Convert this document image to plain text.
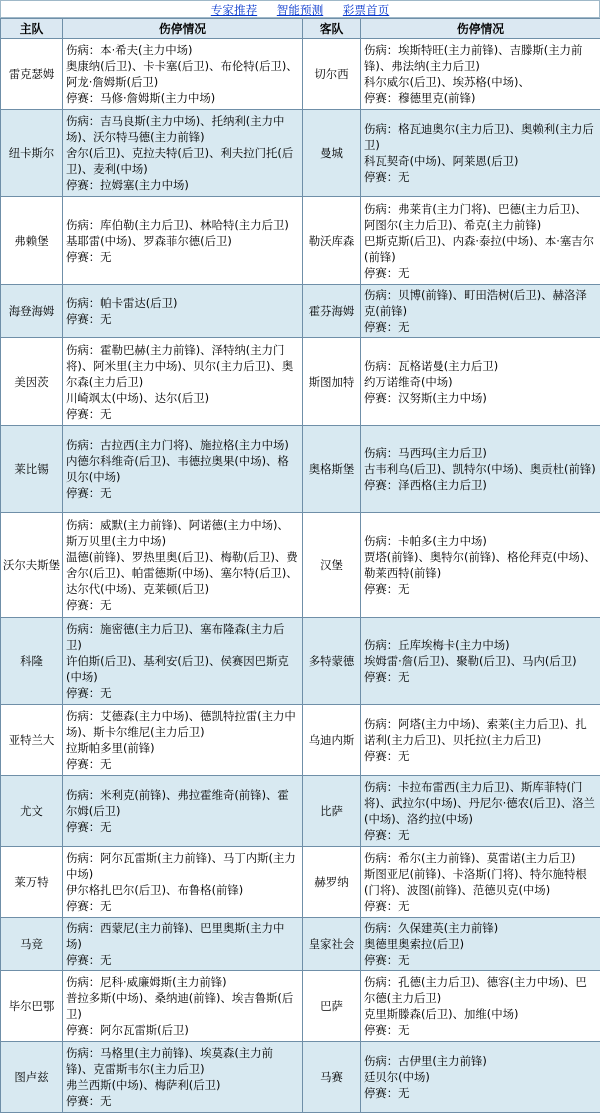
专家推荐 智能预测 彩票首页
主队	伤停情况	客队	伤停情况
雷克瑟姆	伤病：本·希夫(主力中场)
奥康纳(后卫)、卡卡塞(后卫)、布伦特(后卫)、阿龙·詹姆斯(后卫)
停赛：马修·詹姆斯(主力中场)	切尔西	伤病：埃斯特旺(主力前锋)、吉滕斯(主力前锋)、弗法纳(主力后卫)
科尔威尔(后卫)、埃苏格(中场)、
停赛：穆德里克(前锋)

纽卡斯尔	伤病：吉马良斯(主力中场)、托纳利(主力中场)、沃尔特马德(主力前锋)
舍尔(后卫)、克拉夫特(后卫)、利夫拉门托(后卫)、麦利(中场)
停赛：拉姆塞(主力中场)	曼城	伤病：格瓦迪奥尔(主力后卫)、奥赖利(主力后卫)
科瓦契奇(中场)、阿莱恩(后卫)
停赛：无

弗赖堡	伤病：库伯勒(主力后卫)、林哈特(主力后卫)
基耶雷(中场)、罗森菲尔德(后卫)
停赛：无	勒沃库森	伤病：弗莱肯(主力门将)、巴德(主力后卫)、阿图尔(主力后卫)、希克(主力前锋)
巴斯克斯(后卫)、内森·泰拉(中场)、本·塞吉尔(前锋)
停赛：无

海登海姆	伤病：帕卡雷达(后卫)
停赛：无	霍芬海姆	伤病：贝博(前锋)、町田浩树(后卫)、赫洛泽克(前锋)
停赛：无

美因茨	伤病：霍勒巴赫(主力前锋)、泽特纳(主力门将)、阿米里(主力中场)、贝尔(主力后卫)、奥尔森(主力后卫)
川崎飒太(中场)、达尔(后卫)
停赛：无	斯图加特	伤病：瓦格诺曼(主力后卫)
约万诺维奇(中场)
停赛：汉努斯(主力中场)

莱比锡	伤病：古拉西(主力门将)、施拉格(主力中场)
内德尔科维奇(后卫)、韦德拉奥果(中场)、格贝尔(中场)
停赛：无	奥格斯堡	伤病：马西玛(主力后卫)
古韦利乌(后卫)、凯特尔(中场)、奥贡杜(前锋)
停赛：泽西格(主力后卫)

沃尔夫斯堡	伤病：威默(主力前锋)、阿诺德(主力中场)、斯万贝里(主力中场)
温德(前锋)、罗热里奥(后卫)、梅勒(后卫)、费舍尔(后卫)、帕雷德斯(中场)、塞尔特(后卫)、达尔代(中场)、克莱顿(后卫)
停赛：无	汉堡	伤病：卡帕多(主力中场)
贾塔(前锋)、奥特尔(前锋)、格伦拜克(中场)、勒莱西特(前锋)
停赛：无

科隆	伤病：施密德(主力后卫)、塞布隆森(主力后卫)
许伯斯(后卫)、基利安(后卫)、侯赛因巴斯克(中场)
停赛：无	多特蒙德	伤病：丘库埃梅卡(主力中场)
埃姆雷·詹(后卫)、聚勒(后卫)、马内(后卫)
停赛：无

亚特兰大	伤病：艾德森(主力中场)、德凯特拉雷(主力中场)、斯卡尔维尼(主力后卫)
拉斯帕多里(前锋)
停赛：无	乌迪内斯	伤病：阿塔(主力中场)、索莱(主力后卫)、扎诺利(主力后卫)、贝托拉(主力后卫)
停赛：无

尤文	伤病：米利克(前锋)、弗拉霍维奇(前锋)、霍尔姆(后卫)
停赛：无	比萨	伤病：卡拉布雷西(主力后卫)、斯库菲特(门将)、武拉尔(中场)、丹尼尔·德农(后卫)、洛兰(中场)、洛约拉(中场)
停赛：无

莱万特	伤病：阿尔瓦雷斯(主力前锋)、马丁内斯(主力中场)
伊尔格扎巴尔(后卫)、布鲁格(前锋)
停赛：无	赫罗纳	伤病：希尔(主力前锋)、莫雷诺(主力后卫)
斯图亚尼(前锋)、卡洛斯(门将)、特尔施特根(门将)、波图(前锋)、范德贝克(中场)
停赛：无

马竞	伤病：西蒙尼(主力前锋)、巴里奥斯(主力中场)
停赛：无	皇家社会	伤病：久保建英(主力前锋)
奥德里奥索拉(后卫)
停赛：无

毕尔巴鄂	伤病：尼科·威廉姆斯(主力前锋)
普拉多斯(中场)、桑纳迪(前锋)、埃吉鲁斯(后卫)
停赛：阿尔瓦雷斯(后卫)	巴萨	伤病：孔德(主力后卫)、德容(主力中场)、巴尔德(主力后卫)
克里斯滕森(后卫)、加维(中场)
停赛：无

图卢兹	伤病：马格里(主力前锋)、埃莫森(主力前锋)、克雷斯韦尔(主力后卫)
弗兰西斯(中场)、梅萨利(后卫)
停赛：无	马赛	伤病：古伊里(主力前锋)
廷贝尔(中场)
停赛：无
